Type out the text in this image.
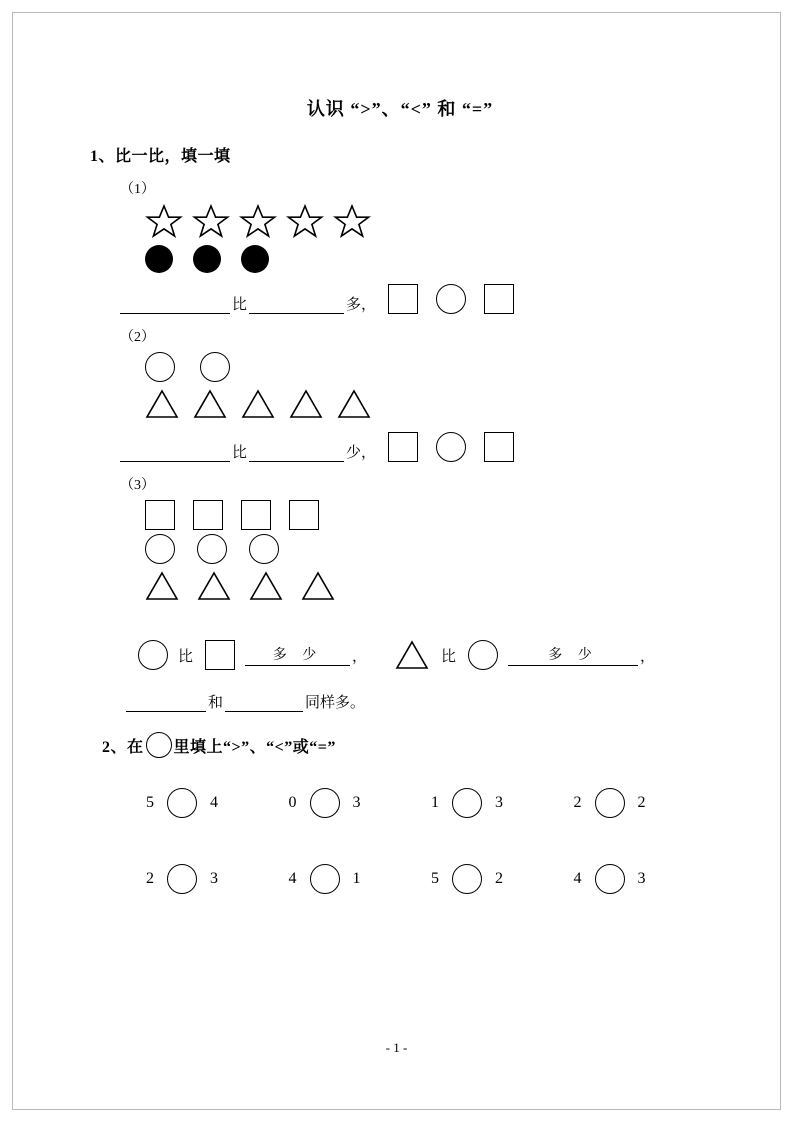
认识 “>”、“<” 和 “=”
1、比一比，填一填
（1）
比	多，
（2）
比	少，
（3）
比	多 少	，	比	多 少	，
和	同样多。
2、在 里填上“>”、“<”或“=”
5	4	0	3	1	3	2	2
2	3	4	1	5	2	4	3
- 1 -
